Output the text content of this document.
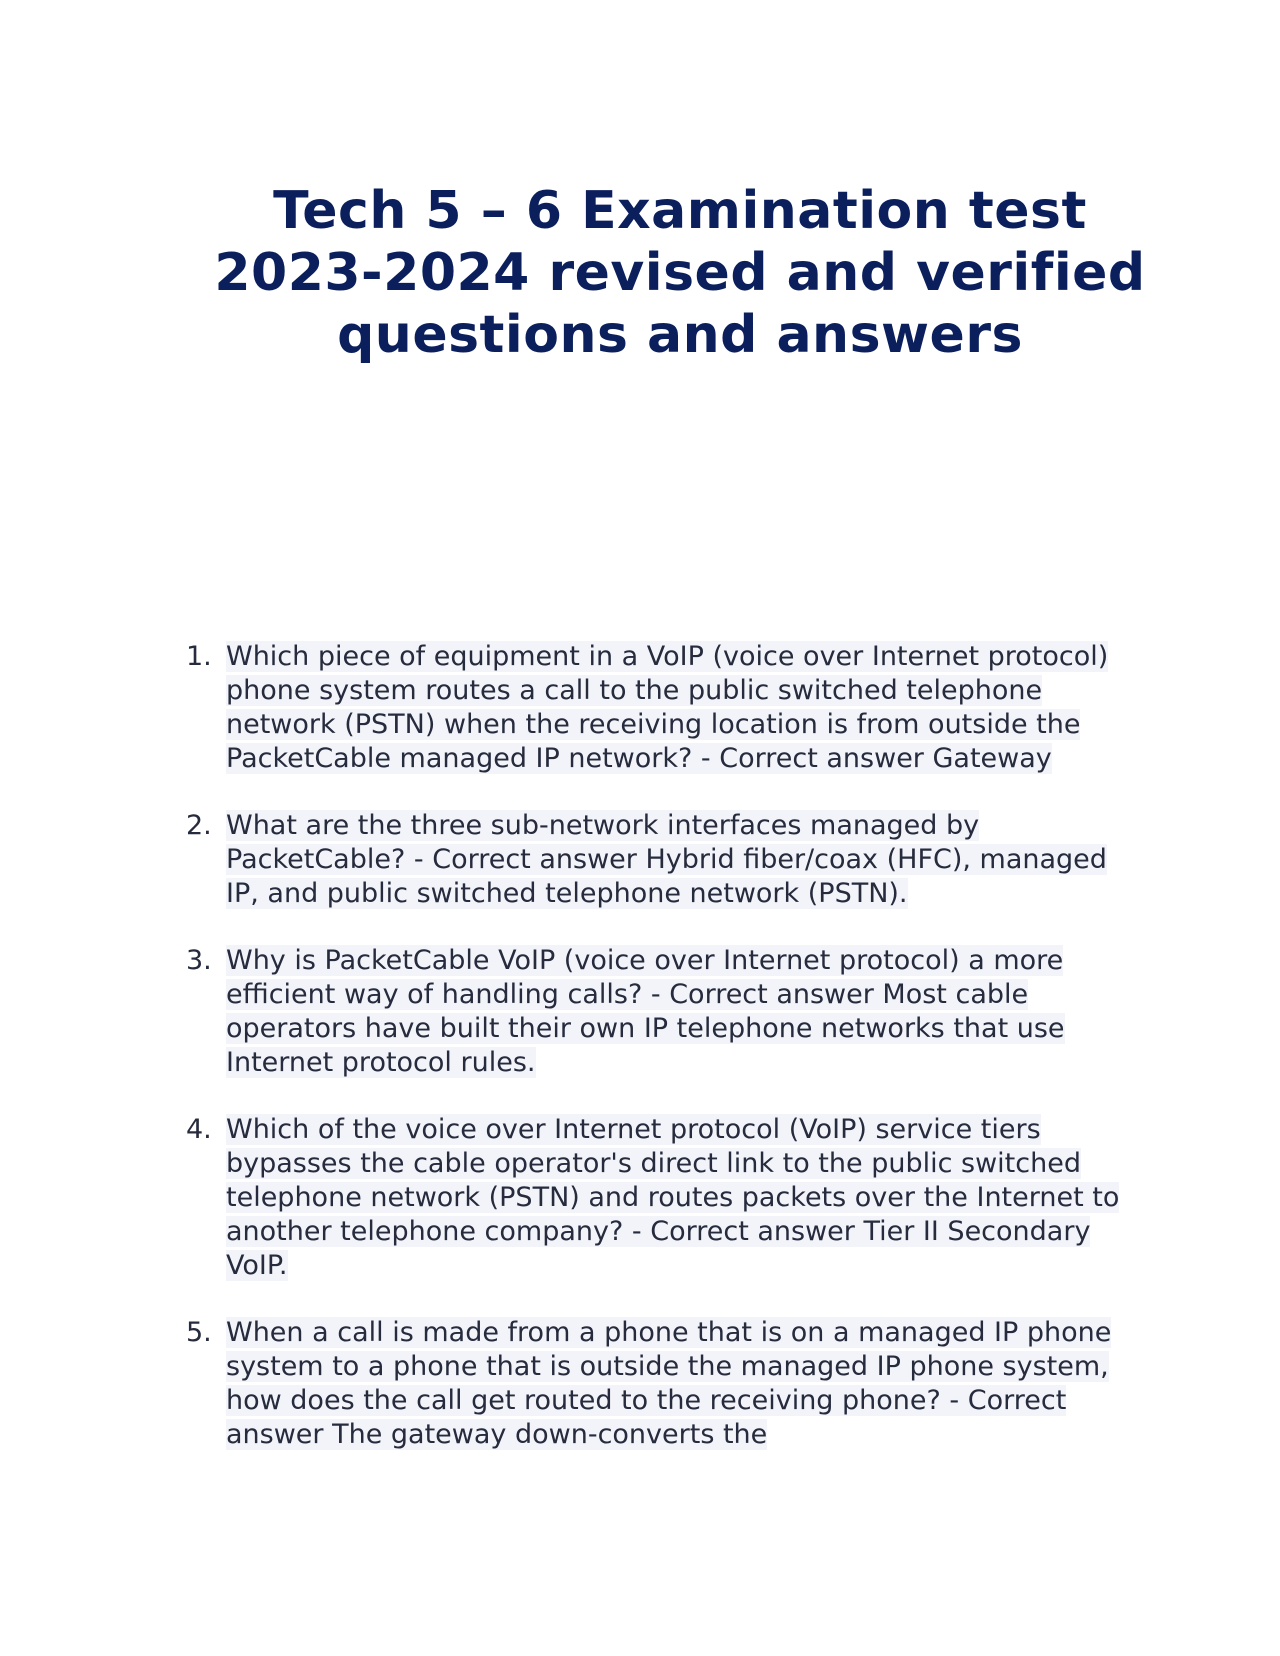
Tech 5 – 6 Examination test 2023-2024 revised and verified questions and answers
1. Which piece of equipment in a VoIP (voice over Internet protocol) phone system routes a call to the public switched telephone network (PSTN) when the receiving location is from outside the PacketCable managed IP network? - Correct answer Gateway
2. What are the three sub-network interfaces managed by PacketCable? - Correct answer Hybrid fiber/coax (HFC), managed IP, and public switched telephone network (PSTN).
3. Why is PacketCable VoIP (voice over Internet protocol) a more efficient way of handling calls? - Correct answer Most cable operators have built their own IP telephone networks that use Internet protocol rules.
4. Which of the voice over Internet protocol (VoIP) service tiers bypasses the cable operator's direct link to the public switched telephone network (PSTN) and routes packets over the Internet to another telephone company? - Correct answer Tier II Secondary VoIP.
5. When a call is made from a phone that is on a managed IP phone system to a phone that is outside the managed IP phone system, how does the call get routed to the receiving phone? - Correct answer The gateway down-converts the
